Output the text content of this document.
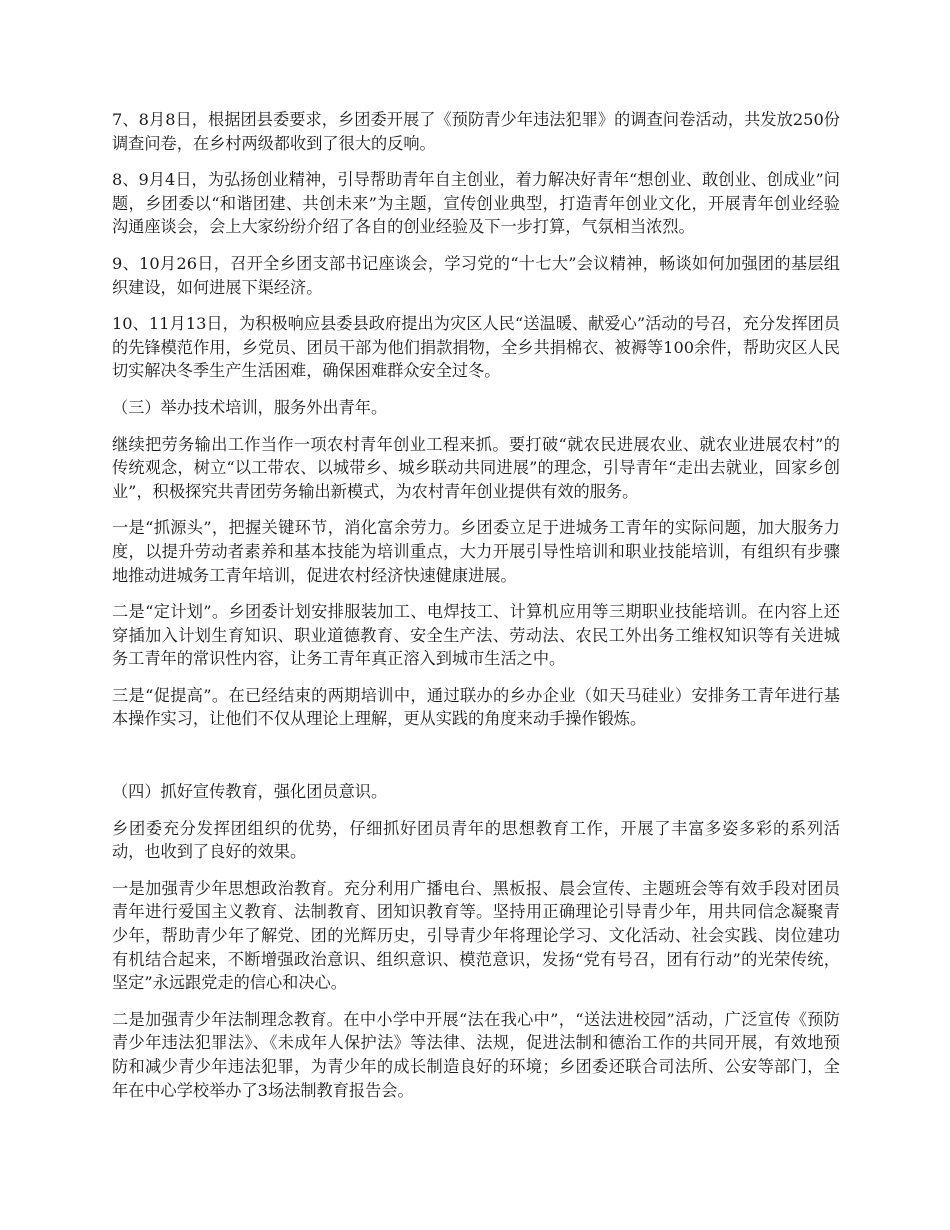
7、8月8日，根据团县委要求，乡团委开展了《预防青少年违法犯罪》的调查问卷活动，共发放250份调查问卷，在乡村两级都收到了很大的反响。

8、9月4日，为弘扬创业精神，引导帮助青年自主创业，着力解决好青年“想创业、敢创业、创成业”问题，乡团委以“和谐团建、共创未来”为主题，宣传创业典型，打造青年创业文化，开展青年创业经验沟通座谈会，会上大家纷纷介绍了各自的创业经验及下一步打算，气氛相当浓烈。

9、10月26日，召开全乡团支部书记座谈会，学习党的“十七大”会议精神，畅谈如何加强团的基层组织建设，如何进展下渠经济。

10、11月13日，为积极响应县委县政府提出为灾区人民“送温暖、献爱心”活动的号召，充分发挥团员的先锋模范作用，乡党员、团员干部为他们捐款捐物，全乡共捐棉衣、被褥等100余件，帮助灾区人民切实解决冬季生产生活困难，确保困难群众安全过冬。

（三）举办技术培训，服务外出青年。

继续把劳务输出工作当作一项农村青年创业工程来抓。要打破“就农民进展农业、就农业进展农村”的传统观念，树立“以工带农、以城带乡、城乡联动共同进展”的理念，引导青年“走出去就业，回家乡创业”，积极探究共青团劳务输出新模式，为农村青年创业提供有效的服务。

一是“抓源头”，把握关键环节，消化富余劳力。乡团委立足于进城务工青年的实际问题，加大服务力度，以提升劳动者素养和基本技能为培训重点，大力开展引导性培训和职业技能培训，有组织有步骤地推动进城务工青年培训，促进农村经济快速健康进展。

二是“定计划”。乡团委计划安排服装加工、电焊技工、计算机应用等三期职业技能培训。在内容上还穿插加入计划生育知识、职业道德教育、安全生产法、劳动法、农民工外出务工维权知识等有关进城务工青年的常识性内容，让务工青年真正溶入到城市生活之中。

三是“促提高”。在已经结束的两期培训中，通过联办的乡办企业（如天马硅业）安排务工青年进行基本操作实习，让他们不仅从理论上理解，更从实践的角度来动手操作锻炼。

（四）抓好宣传教育，强化团员意识。

乡团委充分发挥团组织的优势，仔细抓好团员青年的思想教育工作，开展了丰富多姿多彩的系列活动，也收到了良好的效果。

一是加强青少年思想政治教育。充分利用广播电台、黑板报、晨会宣传、主题班会等有效手段对团员青年进行爱国主义教育、法制教育、团知识教育等。坚持用正确理论引导青少年，用共同信念凝聚青少年，帮助青少年了解党、团的光辉历史，引导青少年将理论学习、文化活动、社会实践、岗位建功有机结合起来，不断增强政治意识、组织意识、模范意识，发扬“党有号召，团有行动”的光荣传统，坚定”永远跟党走的信心和决心。

二是加强青少年法制理念教育。在中小学中开展“法在我心中”，“送法进校园”活动，广泛宣传《预防青少年违法犯罪法》、《未成年人保护法》等法律、法规，促进法制和德治工作的共同开展，有效地预防和减少青少年违法犯罪，为青少年的成长制造良好的环境；乡团委还联合司法所、公安等部门，全年在中心学校举办了3场法制教育报告会。
